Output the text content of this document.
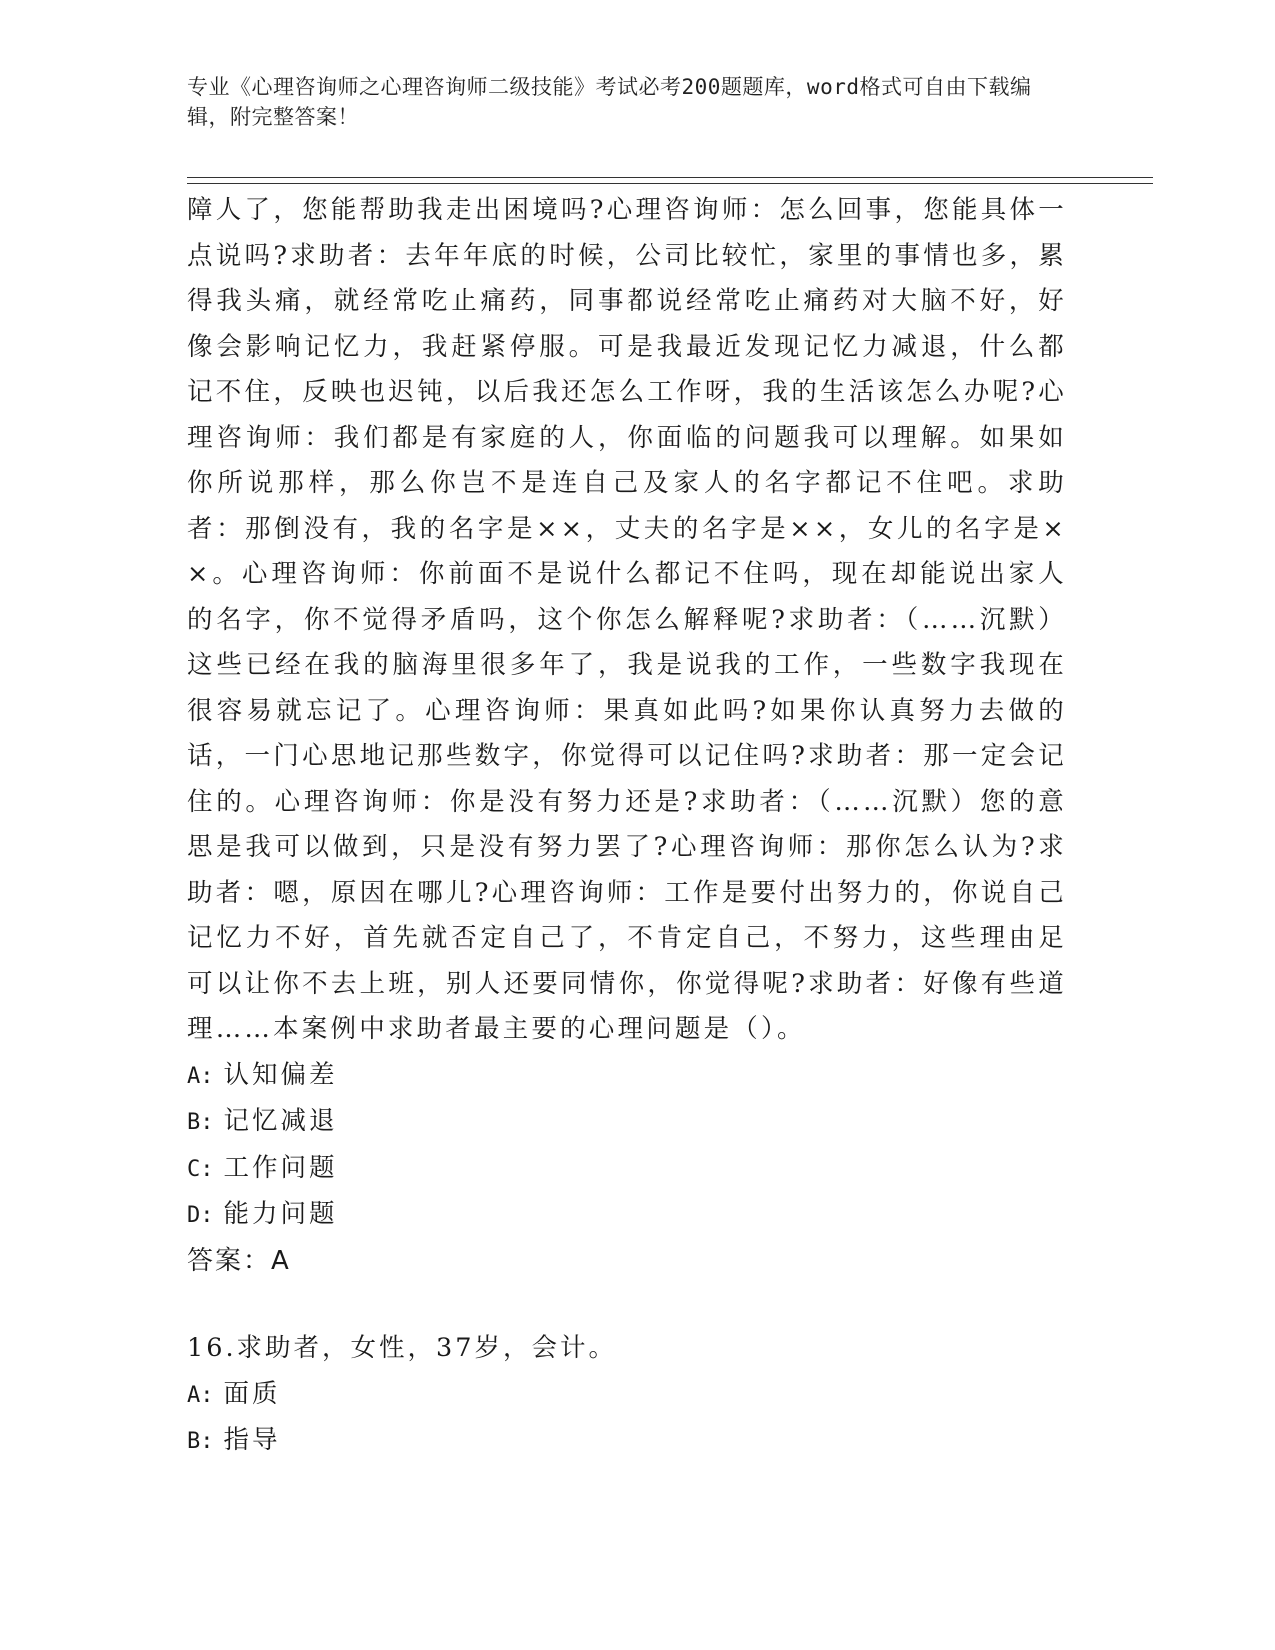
专业《心理咨询师之心理咨询师二级技能》考试必考200题题库，word格式可自由下载编辑，附完整答案！

障人了，您能帮助我走出困境吗?心理咨询师：怎么回事，您能具体一点说吗?求助者：去年年底的时候，公司比较忙，家里的事情也多，累得我头痛，就经常吃止痛药，同事都说经常吃止痛药对大脑不好，好像会影响记忆力，我赶紧停服。可是我最近发现记忆力减退，什么都记不住，反映也迟钝，以后我还怎么工作呀，我的生活该怎么办呢?心理咨询师：我们都是有家庭的人，你面临的问题我可以理解。如果如你所说那样，那么你岂不是连自己及家人的名字都记不住吧。求助者：那倒没有，我的名字是××，丈夫的名字是××，女儿的名字是××。心理咨询师：你前面不是说什么都记不住吗，现在却能说出家人的名字，你不觉得矛盾吗，这个你怎么解释呢?求助者：（……沉默）这些已经在我的脑海里很多年了，我是说我的工作，一些数字我现在很容易就忘记了。心理咨询师：果真如此吗?如果你认真努力去做的话，一门心思地记那些数字，你觉得可以记住吗?求助者：那一定会记住的。心理咨询师：你是没有努力还是?求助者：（……沉默）您的意思是我可以做到，只是没有努力罢了?心理咨询师：那你怎么认为?求助者：嗯，原因在哪儿?心理咨询师：工作是要付出努力的，你说自己记忆力不好，首先就否定自己了，不肯定自己，不努力，这些理由足可以让你不去上班，别人还要同情你，你觉得呢?求助者：好像有些道理……本案例中求助者最主要的心理问题是（）。

A: 认知偏差
B: 记忆减退
C: 工作问题
D: 能力问题

答案：A

16.求助者，女性，37岁，会计。

A: 面质
B: 指导
